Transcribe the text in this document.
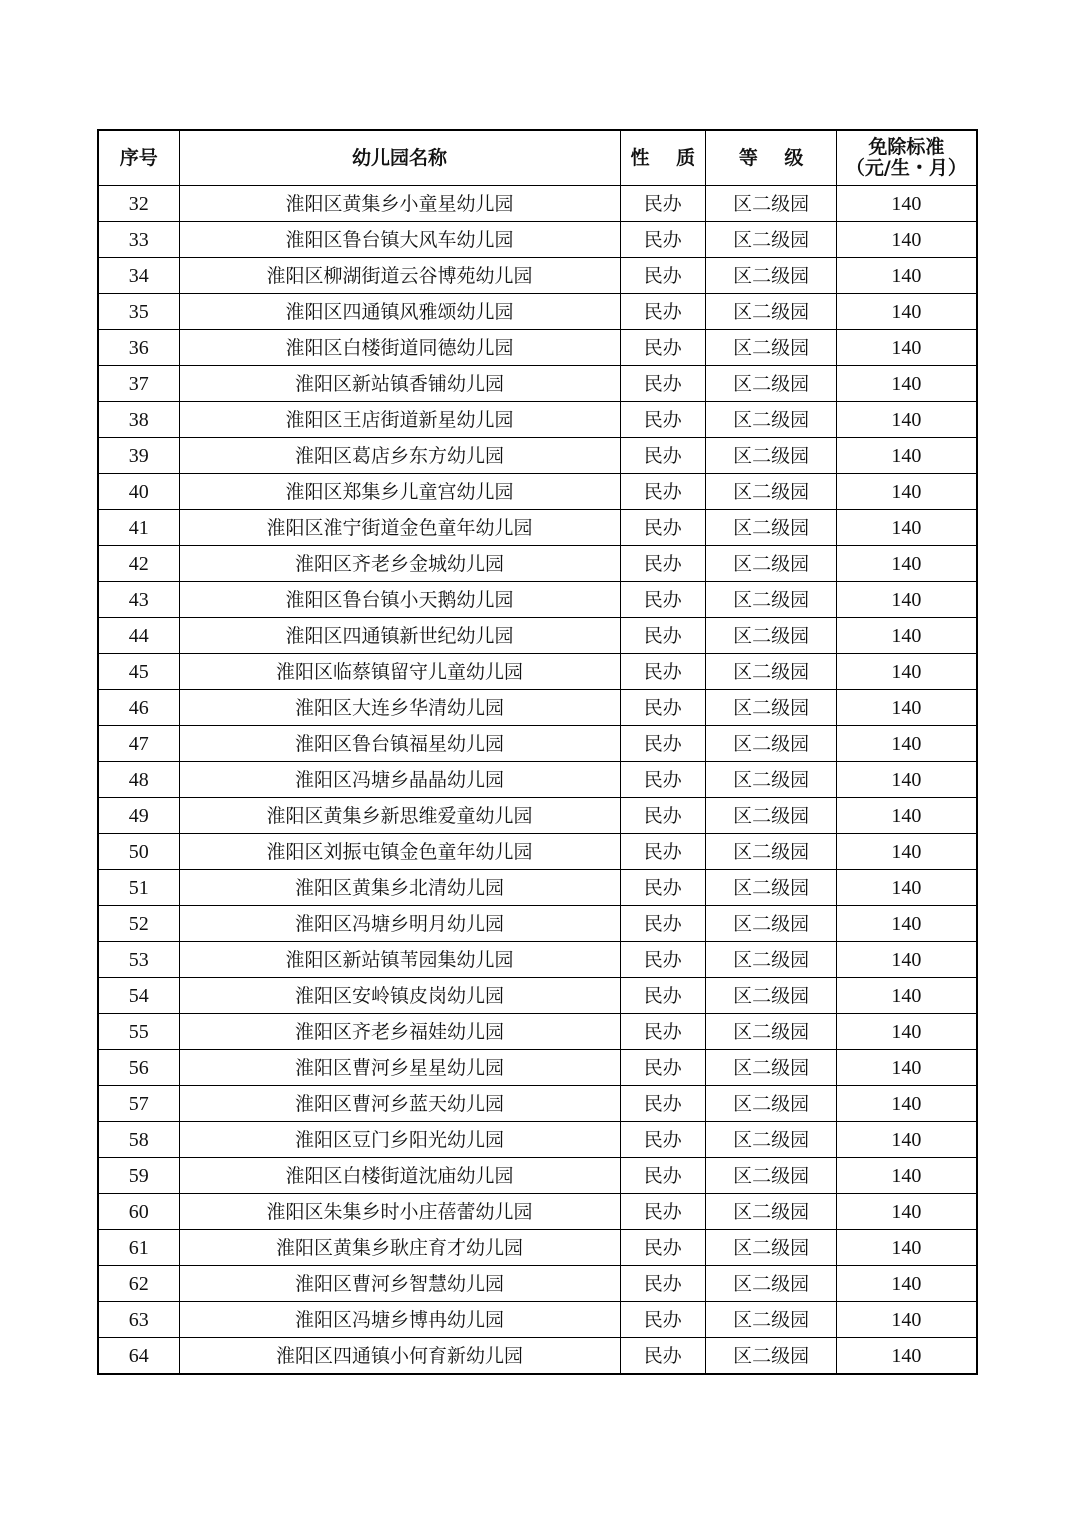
序号	幼儿园名称	性 质	等 级	免除标准
（元/生・月）

32	淮阳区黄集乡小童星幼儿园	民办	区二级园	140
33	淮阳区鲁台镇大风车幼儿园	民办	区二级园	140
34	淮阳区柳湖街道云谷博苑幼儿园	民办	区二级园	140
35	淮阳区四通镇风雅颂幼儿园	民办	区二级园	140
36	淮阳区白楼街道同德幼儿园	民办	区二级园	140
37	淮阳区新站镇香铺幼儿园	民办	区二级园	140
38	淮阳区王店街道新星幼儿园	民办	区二级园	140
39	淮阳区葛店乡东方幼儿园	民办	区二级园	140
40	淮阳区郑集乡儿童宫幼儿园	民办	区二级园	140
41	淮阳区淮宁街道金色童年幼儿园	民办	区二级园	140
42	淮阳区齐老乡金城幼儿园	民办	区二级园	140
43	淮阳区鲁台镇小天鹅幼儿园	民办	区二级园	140
44	淮阳区四通镇新世纪幼儿园	民办	区二级园	140
45	淮阳区临蔡镇留守儿童幼儿园	民办	区二级园	140
46	淮阳区大连乡华清幼儿园	民办	区二级园	140
47	淮阳区鲁台镇福星幼儿园	民办	区二级园	140
48	淮阳区冯塘乡晶晶幼儿园	民办	区二级园	140
49	淮阳区黄集乡新思维爱童幼儿园	民办	区二级园	140
50	淮阳区刘振屯镇金色童年幼儿园	民办	区二级园	140
51	淮阳区黄集乡北清幼儿园	民办	区二级园	140
52	淮阳区冯塘乡明月幼儿园	民办	区二级园	140
53	淮阳区新站镇苇园集幼儿园	民办	区二级园	140
54	淮阳区安岭镇皮岗幼儿园	民办	区二级园	140
55	淮阳区齐老乡福娃幼儿园	民办	区二级园	140
56	淮阳区曹河乡星星幼儿园	民办	区二级园	140
57	淮阳区曹河乡蓝天幼儿园	民办	区二级园	140
58	淮阳区豆门乡阳光幼儿园	民办	区二级园	140
59	淮阳区白楼街道沈庙幼儿园	民办	区二级园	140
60	淮阳区朱集乡时小庄蓓蕾幼儿园	民办	区二级园	140
61	淮阳区黄集乡耿庄育才幼儿园	民办	区二级园	140
62	淮阳区曹河乡智慧幼儿园	民办	区二级园	140
63	淮阳区冯塘乡博冉幼儿园	民办	区二级园	140
64	淮阳区四通镇小何育新幼儿园	民办	区二级园	140
